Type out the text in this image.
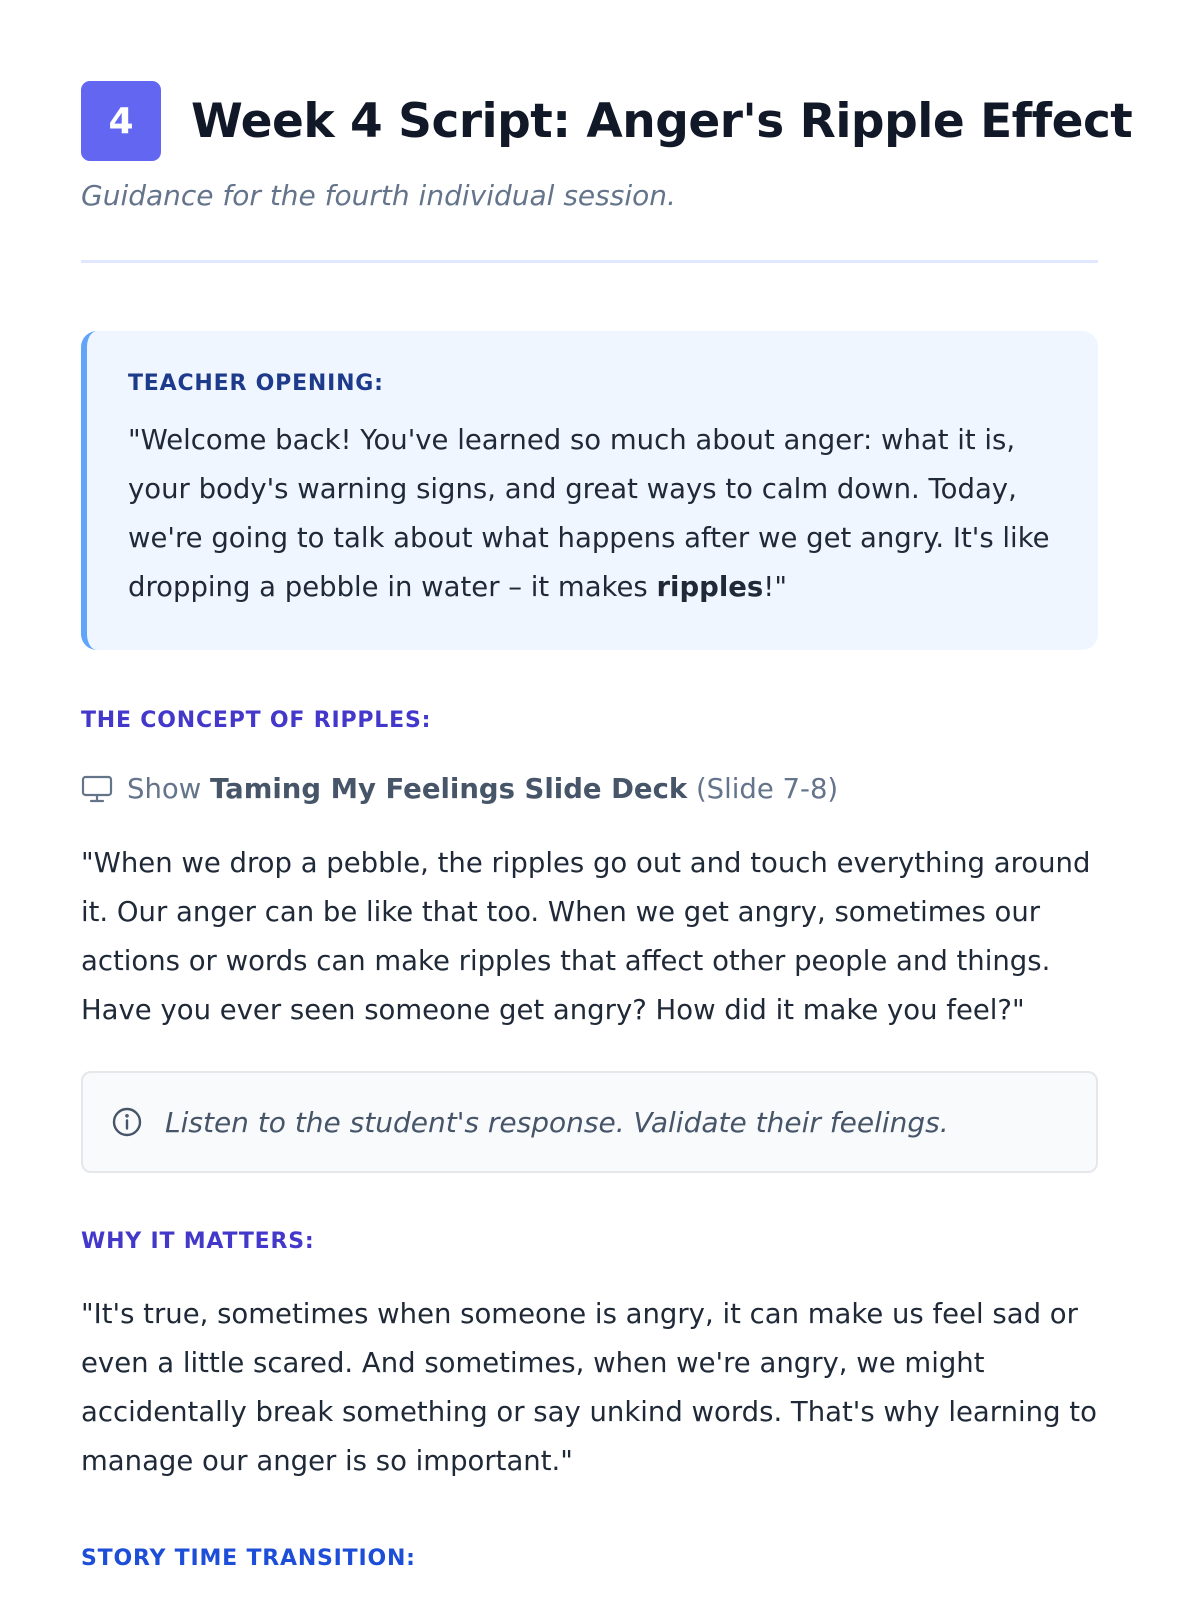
4	Week 4 Script: Anger's Ripple Effect

Guidance for the fourth individual session.

TEACHER OPENING:
"Welcome back! You've learned so much about anger: what it is, your body's warning signs, and great ways to calm down. Today, we're going to talk about what happens after we get angry. It's like dropping a pebble in water – it makes ripples!"
THE CONCEPT OF RIPPLES:
Show
Taming My Feelings Slide Deck
(Slide 7-8)
"When we drop a pebble, the ripples go out and touch everything around it. Our anger can be like that too. When we get angry, sometimes our actions or words can make ripples that affect other people and things. Have you ever seen someone get angry? How did it make you feel?"
Listen to the student's response. Validate their feelings.
WHY IT MATTERS:
"It's true, sometimes when someone is angry, it can make us feel sad or even a little scared. And sometimes, when we're angry, we might accidentally break something or say unkind words. That's why learning to manage our anger is so important."
STORY TIME TRANSITION:
